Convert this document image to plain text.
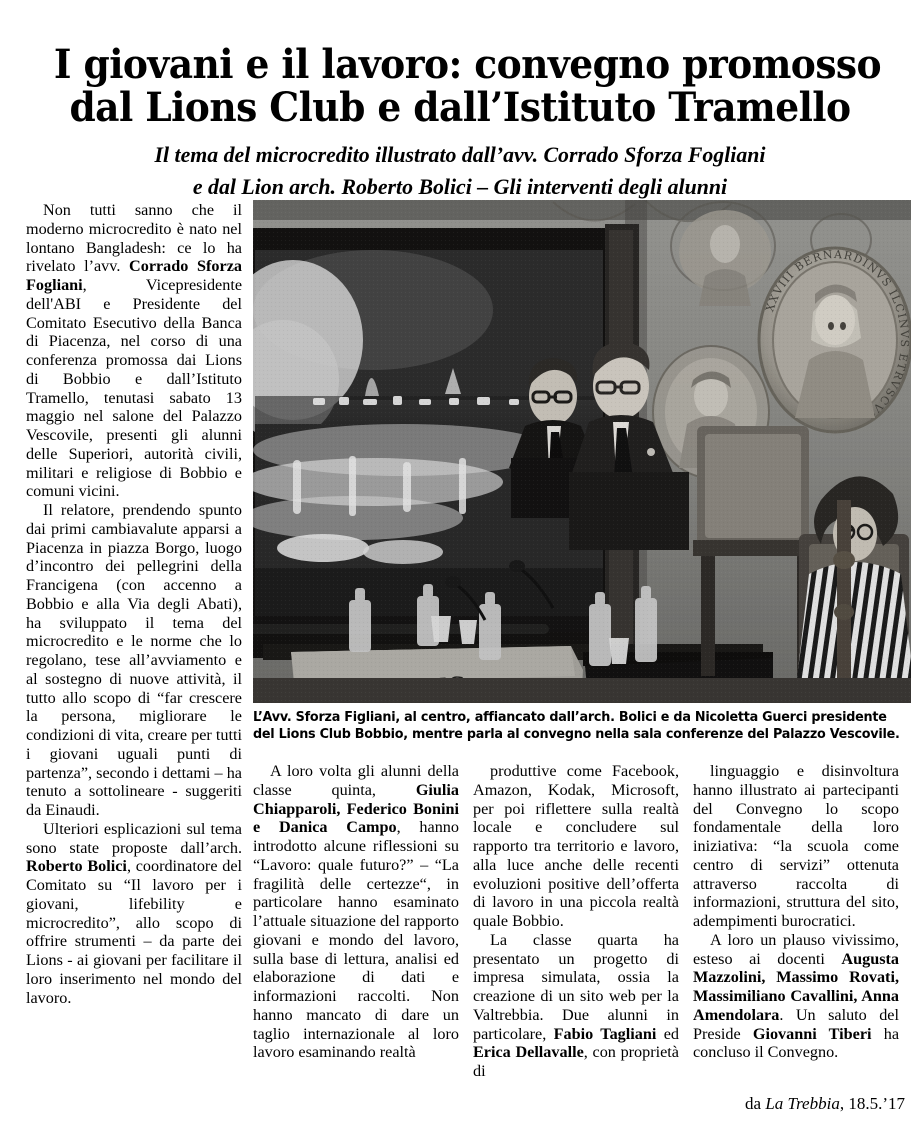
I giovani e il lavoro: convegno promosso
dal Lions Club e dall’Istituto Tramello
Il tema del microcredito illustrato dall’avv. Corrado Sforza Fogliani
e dal Lion arch. Roberto Bolici – Gli interventi degli alunni

Non tutti sanno che il moderno microcredito è nato nel lontano Bangladesh: ce lo ha rivelato l’avv. Corrado Sforza Fogliani, Vicepresidente dell'ABI e Presidente del Comitato Esecutivo della Banca di Piacenza, nel corso di una conferenza promossa dai Lions di Bobbio e dall’Istituto Tramello, tenutasi sabato 13 maggio nel salone del Palazzo Vescovile, presenti gli alunni delle Superiori, autorità civili, militari e religiose di Bobbio e comuni vicini.

Il relatore, prendendo spunto dai primi cambiavalute apparsi a Piacenza in piazza Borgo, luogo d’incontro dei pellegrini della Francigena (con accenno a Bobbio e alla Via degli Abati), ha sviluppato il tema del microcredito e le norme che lo regolano, tese all’avviamento e al sostegno di nuove attività, il tutto allo scopo di “far crescere la persona, migliorare le condizioni di vita, creare per tutti i giovani uguali punti di partenza”, secondo i dettami – ha tenuto a sottolineare - suggeriti da Einaudi.

Ulteriori esplicazioni sul tema sono state proposte dall’arch. Roberto Bolici, coordinatore del Comitato su “Il lavoro per i giovani, lifebility e microcredito”, allo scopo di offrire strumenti – da parte dei Lions - ai giovani per facilitare il loro inserimento nel mondo del lavoro.

L’Avv. Sforza Figliani, al centro, affiancato dall’arch. Bolici e da Nicoletta Guerci presidente
del Lions Club Bobbio, mentre parla al convegno nella sala conferenze del Palazzo Vescovile.

A loro volta gli alunni della classe quinta, Giulia Chiapparoli, Federico Bonini e Danica Campo, hanno introdotto alcune riflessioni su “Lavoro: quale futuro?” – “La fragilità delle certezze“, in particolare hanno esaminato l’attuale situazione del rapporto giovani e mondo del lavoro, sulla base di lettura, analisi ed elaborazione di dati e informazioni raccolti. Non hanno mancato di dare un taglio internazionale al loro lavoro esaminando realtà

produttive come Facebook, Amazon, Kodak, Microsoft, per poi riflettere sulla realtà locale e concludere sul rapporto tra territorio e lavoro, alla luce anche delle recenti evoluzioni positive dell’offerta di lavoro in una piccola realtà quale Bobbio.

La classe quarta ha presentato un progetto di impresa simulata, ossia la creazione di un sito web per la Valtrebbia. Due alunni in particolare, Fabio Tagliani ed Erica Dellavalle, con proprietà di

linguaggio e disinvoltura hanno illustrato ai partecipanti del Convegno lo scopo fondamentale della loro iniziativa: “la scuola come centro di servizi” ottenuta attraverso raccolta di informazioni, struttura del sito, adempimenti burocratici.

A loro un plauso vivissimo, esteso ai docenti Augusta Mazzolini, Massimo Rovati, Massimiliano Cavallini, Anna Amendolara. Un saluto del Preside Giovanni Tiberi ha concluso il Convegno.

da La Trebbia, 18.5.’17
